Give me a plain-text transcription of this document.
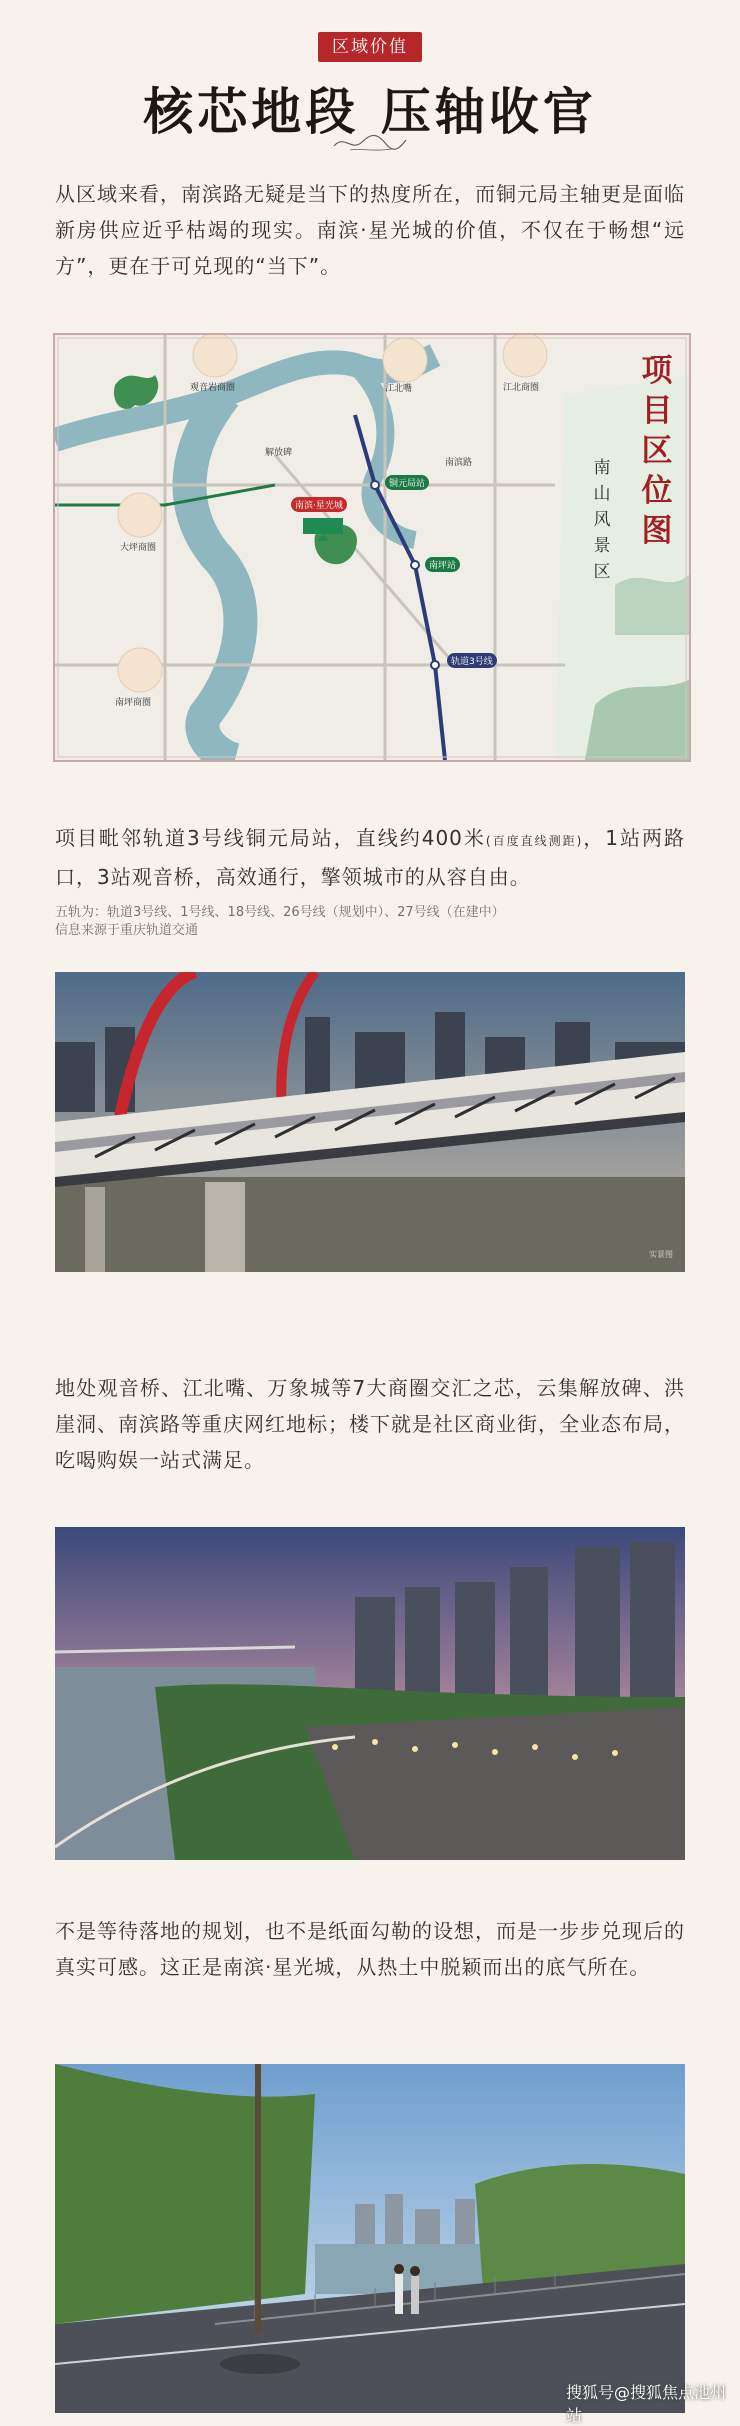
区域价值
核芯地段 压轴收官
从区域来看，南滨路无疑是当下的热度所在，而铜元局主轴更是面临新房供应近乎枯竭的现实。南滨·星光城的价值，不仅在于畅想“远方”，更在于可兑现的“当下”。
项
目
区
位
图
南
山
风
景
区
江北嘴
解放碑
南滨路
大坪商圈
观音岩商圈	江北商圈
南坪商圈
南滨·星光城
铜元局站
南坪站
轨道3号线
项目毗邻轨道3号线铜元局站，直线约400米(百度直线测距)，1站两路口，3站观音桥，高效通行，擎领城市的从容自由。
五轨为：轨道3号线、1号线、18号线、26号线（规划中）、27号线（在建中）
信息来源于重庆轨道交通
实景图
地处观音桥、江北嘴、万象城等7大商圈交汇之芯，云集解放碑、洪崖洞、南滨路等重庆网红地标；楼下就是社区商业街，全业态布局，吃喝购娱一站式满足。
不是等待落地的规划，也不是纸面勾勒的设想，而是一步步兑现后的真实可感。这正是南滨·星光城，从热土中脱颖而出的底气所在。
搜狐号@搜狐焦点池州站
